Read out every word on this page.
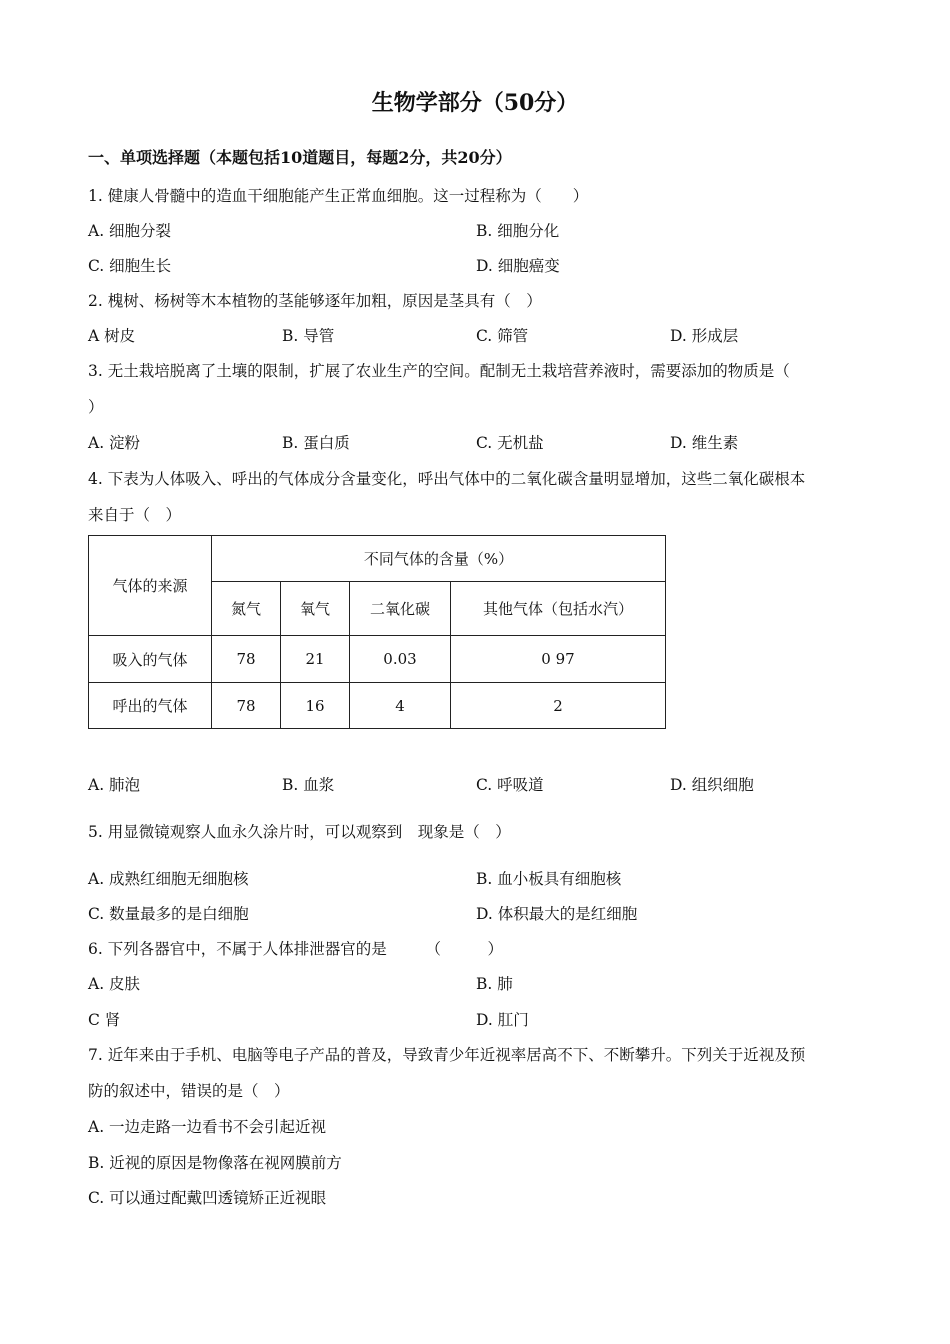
生物学部分（50分）
一、单项选择题（本题包括10道题目，每题2分，共20分）
1. 健康人骨髓中的造血干细胞能产生正常血细胞。这一过程称为（　　）
A. 细胞分裂	B. 细胞分化
C. 细胞生长	D. 细胞癌变
2. 槐树、杨树等木本植物的茎能够逐年加粗，原因是茎具有（　）
A 树皮	B. 导管	C. 筛管	D. 形成层
3. 无土栽培脱离了土壤的限制，扩展了农业生产的空间。配制无土栽培营养液时，需要添加的物质是（
）
A. 淀粉	B. 蛋白质	C. 无机盐	D. 维生素
4. 下表为人体吸入、呼出的气体成分含量变化，呼出气体中的二氧化碳含量明显增加，这些二氧化碳根本
来自于（　）
气体的来源	不同气体的含量（%）			
	氮气	氧气	二氧化碳	其他气体（包括水汽）
吸入的气体	78	21	0.03	0 97
呼出的气体	78	16	4	2
A. 肺泡	B. 血浆	C. 呼吸道	D. 组织细胞
5. 用显微镜观察人血永久涂片时，可以观察到　现象是（　）
A. 成熟红细胞无细胞核	B. 血小板具有细胞核
C. 数量最多的是白细胞	D. 体积最大的是红细胞
6. 下列各器官中，不属于人体排泄器官的是　　　（　　　）
A. 皮肤	B. 肺
C 肾	D. 肛门
7. 近年来由于手机、电脑等电子产品的普及，导致青少年近视率居高不下、不断攀升。下列关于近视及预
防的叙述中，错误的是（　）
A. 一边走路一边看书不会引起近视
B. 近视的原因是物像落在视网膜前方
C. 可以通过配戴凹透镜矫正近视眼
